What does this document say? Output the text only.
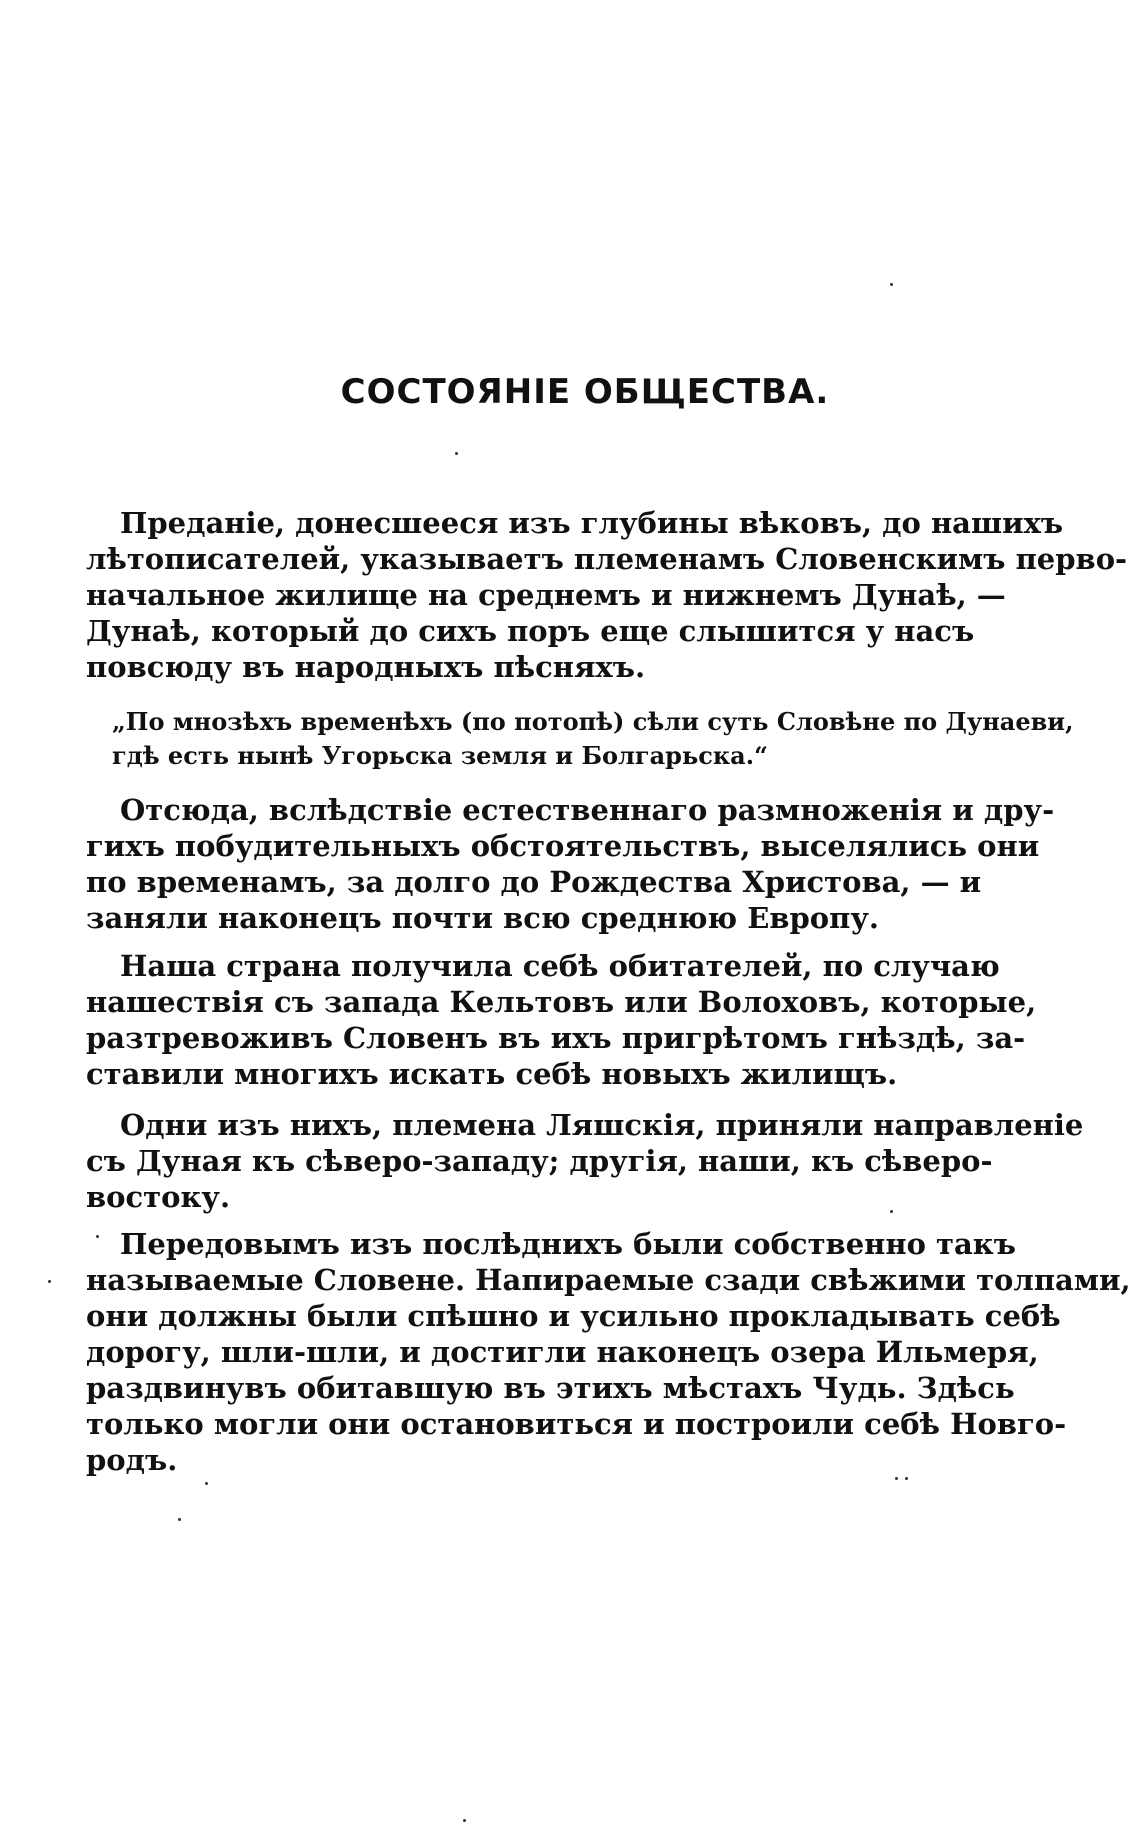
СОСТОЯНIЕ ОБЩЕСТВА.
Преданіе, донесшееся изъ глубины вѣковъ, до нашихъ
лѣтописателей, указываетъ племенамъ Словенскимъ перво-
начальное жилище на среднемъ и нижнемъ Дунаѣ, —
Дунаѣ, который до сихъ поръ еще слышится у насъ
повсюду въ народныхъ пѣсняхъ.
„По мнозѣхъ временѣхъ (по потопѣ) сѣли суть Словѣне по Дунаеви,
гдѣ есть нынѣ Угорьска земля и Болгарьска.“
Отсюда, вслѣдствіе естественнаго размноженія и дру-
гихъ побудительныхъ обстоятельствъ, выселялись они
по временамъ, за долго до Рождества Христова, — и
заняли наконецъ почти всю среднюю Европу.
Наша страна получила себѣ обитателей, по случаю
нашествія съ запада Кельтовъ или Волоховъ, которые,
разтревоживъ Словенъ въ ихъ пригрѣтомъ гнѣздѣ, за-
ставили многихъ искать себѣ новыхъ жилищъ.
Одни изъ нихъ, племена Ляшскія, приняли направленіе
съ Дуная къ сѣверо-западу; другія, наши, къ сѣверо-
востоку.
Передовымъ изъ послѣднихъ были собственно такъ
называемые Словене. Напираемые сзади свѣжими толпами,
они должны были спѣшно и усильно прокладывать себѣ
дорогу, шли-шли, и достигли наконецъ озера Ильмеря,
раздвинувъ обитавшую въ этихъ мѣстахъ Чудь. Здѣсь
только могли они остановиться и построили себѣ Новго-
родъ.
